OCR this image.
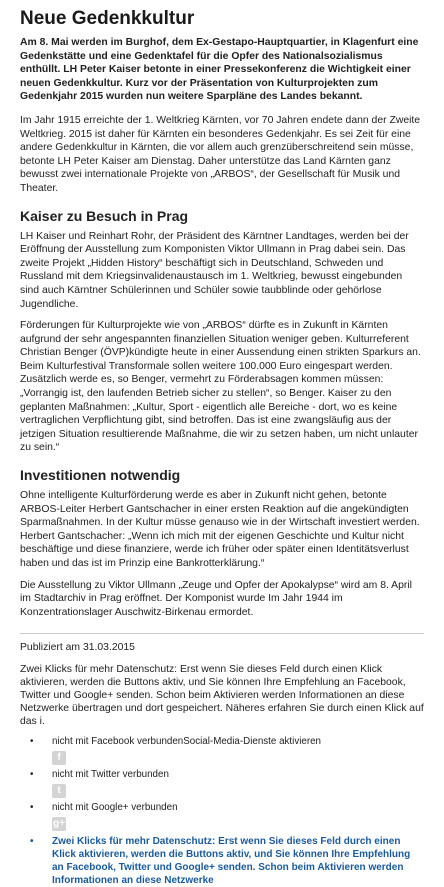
Neue Gedenkkultur

Am 8. Mai werden im Burghof, dem Ex-Gestapo-Hauptquartier, in Klagenfurt eine Gedenkstätte und eine Gedenktafel für die Opfer des Nationalsozialismus enthüllt. LH Peter Kaiser betonte in einer Pressekonferenz die Wichtigkeit einer neuen Gedenkkultur. Kurz vor der Präsentation von Kulturprojekten zum Gedenkjahr 2015 wurden nun weitere Sparpläne des Landes bekannt.

Im Jahr 1915 erreichte der 1. Weltkrieg Kärnten, vor 70 Jahren endete dann der Zweite Weltkrieg. 2015 ist daher für Kärnten ein besonderes Gedenkjahr. Es sei Zeit für eine andere Gedenkkultur in Kärnten, die vor allem auch grenzüberschreitend sein müsse, betonte LH Peter Kaiser am Dienstag. Daher unterstütze das Land Kärnten ganz bewusst zwei internationale Projekte von „ARBOS“, der Gesellschaft für Musik und Theater.

Kaiser zu Besuch in Prag

LH Kaiser und Reinhart Rohr, der Präsident des Kärntner Landtages, werden bei der Eröffnung der Ausstellung zum Komponisten Viktor Ullmann in Prag dabei sein. Das zweite Projekt „Hidden History“ beschäftigt sich in Deutschland, Schweden und Russland mit dem Kriegsinvalidenaustausch im 1. Weltkrieg, bewusst eingebunden sind auch Kärntner Schülerinnen und Schüler sowie taubblinde oder gehörlose Jugendliche.

Förderungen für Kulturprojekte wie von „ARBOS“ dürfte es in Zukunft in Kärnten aufgrund der sehr angespannten finanziellen Situation weniger geben. Kulturreferent Christian Benger (ÖVP)kündigte heute in einer Aussendung einen strikten Sparkurs an. Beim Kulturfestival Transformale sollen weitere 100.000 Euro eingespart werden. Zusätzlich werde es, so Benger, vermehrt zu Förderabsagen kommen müssen: „Vorrangig ist, den laufenden Betrieb sicher zu stellen“, so Benger. Kaiser zu den geplanten Maßnahmen: „Kultur, Sport - eigentlich alle Bereiche - dort, wo es keine vertraglichen Verpflichtung gibt, sind betroffen. Das ist eine zwangsläufig aus der jetzigen Situation resultierende Maßnahme, die wir zu setzen haben, um nicht unlauter zu sein.“

Investitionen notwendig

Ohne intelligente Kulturförderung werde es aber in Zukunft nicht gehen, betonte ARBOS-Leiter Herbert Gantschacher in einer ersten Reaktion auf die angekündigten Sparmaßnahmen. In der Kultur müsse genauso wie in der Wirtschaft investiert werden. Herbert Gantschacher: „Wenn ich mich mit der eigenen Geschichte und Kultur nicht beschäftige und diese finanziere, werde ich früher oder später einen Identitätsverlust haben und das ist im Prinzip eine Bankrotterklärung.“

Die Ausstellung zu Viktor Ullmann „Zeuge und Opfer der Apokalypse“ wird am 8. April im Stadtarchiv in Prag eröffnet. Der Komponist wurde Im Jahr 1944 im Konzentrationslager Auschwitz-Birkenau ermordet.

Publiziert am 31.03.2015
Zwei Klicks für mehr Datenschutz: Erst wenn Sie dieses Feld durch einen Klick aktivieren, werden die Buttons aktiv, und Sie können Ihre Empfehlung an Facebook, Twitter und Google+ senden. Schon beim Aktivieren werden Informationen an diese Netzwerke übertragen und dort gespeichert. Näheres erfahren Sie durch einen Klick auf das i.
• nicht mit Facebook verbundenSocial-Media-Dienste aktivieren
f
• nicht mit Twitter verbunden
t
• nicht mit Google+ verbunden
g+
• Zwei Klicks für mehr Datenschutz: Erst wenn Sie dieses Feld durch einen Klick aktivieren, werden die Buttons aktiv, und Sie können Ihre Empfehlung an Facebook, Twitter und Google+ senden. Schon beim Aktivieren werden Informationen an diese Netzwerke
